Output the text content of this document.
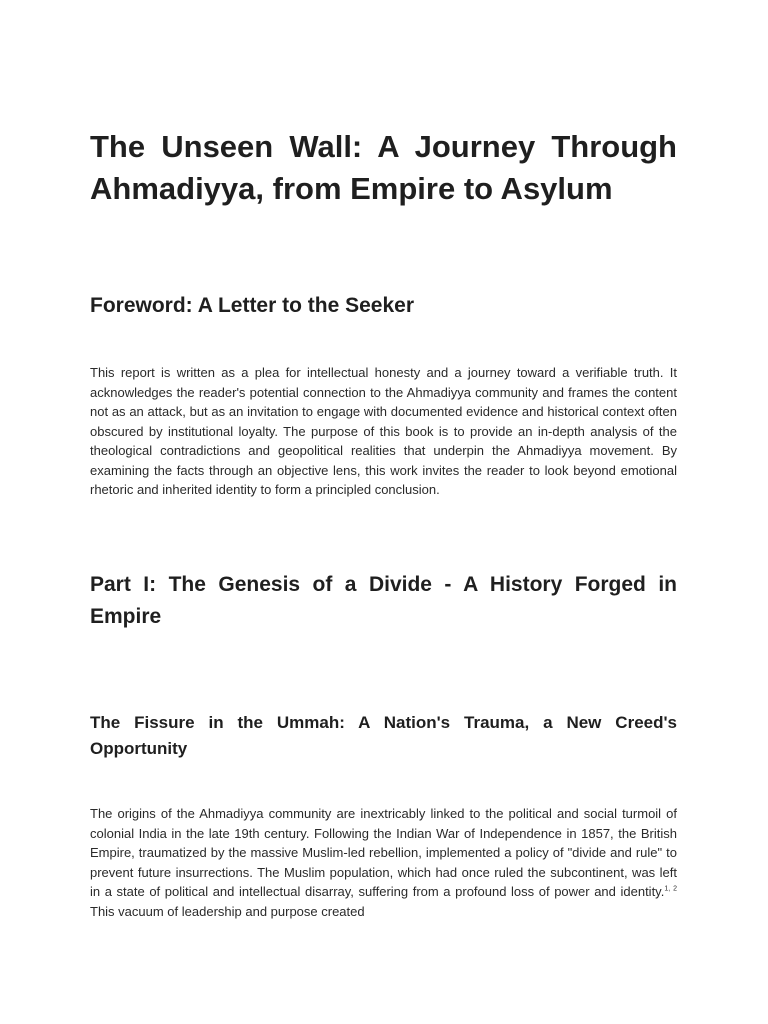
The Unseen Wall: A Journey Through Ahmadiyya, from Empire to Asylum
Foreword: A Letter to the Seeker

This report is written as a plea for intellectual honesty and a journey toward a verifiable truth. It acknowledges the reader's potential connection to the Ahmadiyya community and frames the content not as an attack, but as an invitation to engage with documented evidence and historical context often obscured by institutional loyalty. The purpose of this book is to provide an in-depth analysis of the theological contradictions and geopolitical realities that underpin the Ahmadiyya movement. By examining the facts through an objective lens, this work invites the reader to look beyond emotional rhetoric and inherited identity to form a principled conclusion.

Part I: The Genesis of a Divide - A History Forged in Empire
The Fissure in the Ummah: A Nation's Trauma, a New Creed's Opportunity

The origins of the Ahmadiyya community are inextricably linked to the political and social turmoil of colonial India in the late 19th century. Following the Indian War of Independence in 1857, the British Empire, traumatized by the massive Muslim-led rebellion, implemented a policy of "divide and rule" to prevent future insurrections. The Muslim population, which had once ruled the subcontinent, was left in a state of political and intellectual disarray, suffering from a profound loss of power and identity.$^{1, 2}$ This vacuum of leadership and purpose created
